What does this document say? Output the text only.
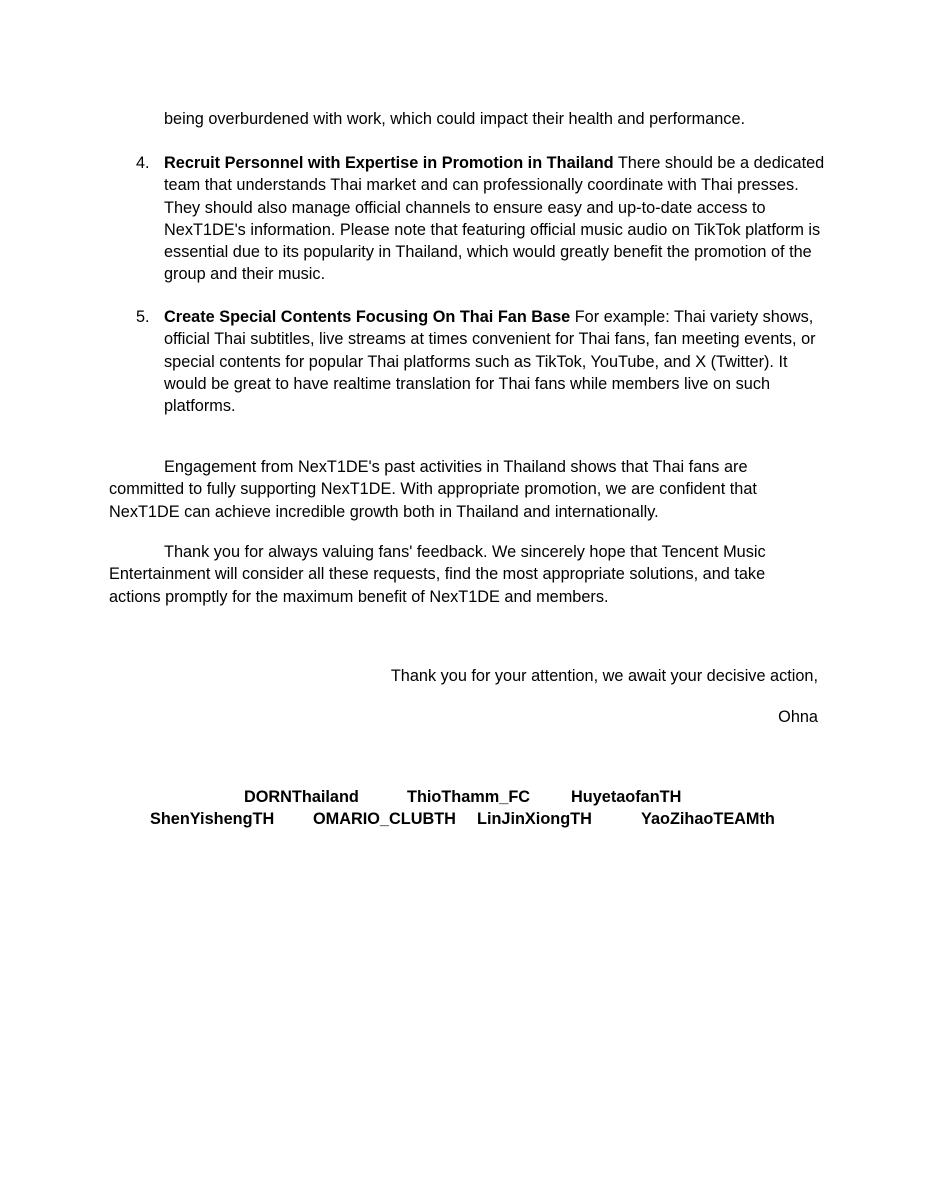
being overburdened with work, which could impact their health and performance.

4. Recruit Personnel with Expertise in Promotion in Thailand There should be a dedicated team that understands Thai market and can professionally coordinate with Thai presses. They should also manage official channels to ensure easy and up-to-date access to NexT1DE's information. Please note that featuring official music audio on TikTok platform is essential due to its popularity in Thailand, which would greatly benefit the promotion of the group and their music.
5. Create Special Contents Focusing On Thai Fan Base For example: Thai variety shows, official Thai subtitles, live streams at times convenient for Thai fans, fan meeting events, or special contents for popular Thai platforms such as TikTok, YouTube, and X (Twitter). It would be great to have realtime translation for Thai fans while members live on such platforms.

Engagement from NexT1DE's past activities in Thailand shows that Thai fans are committed to fully supporting NexT1DE. With appropriate promotion, we are confident that NexT1DE can achieve incredible growth both in Thailand and internationally.

Thank you for always valuing fans' feedback. We sincerely hope that Tencent Music Entertainment will consider all these requests, find the most appropriate solutions, and take actions promptly for the maximum benefit of NexT1DE and members.

Thank you for your attention, we await your decisive action,

Ohna

DORNThailand	ThioThamm_FC	HuyetaofanTH
ShenYishengTH OMARIO_CLUBTH LinJinXiongTH	YaoZihaoTEAMth
